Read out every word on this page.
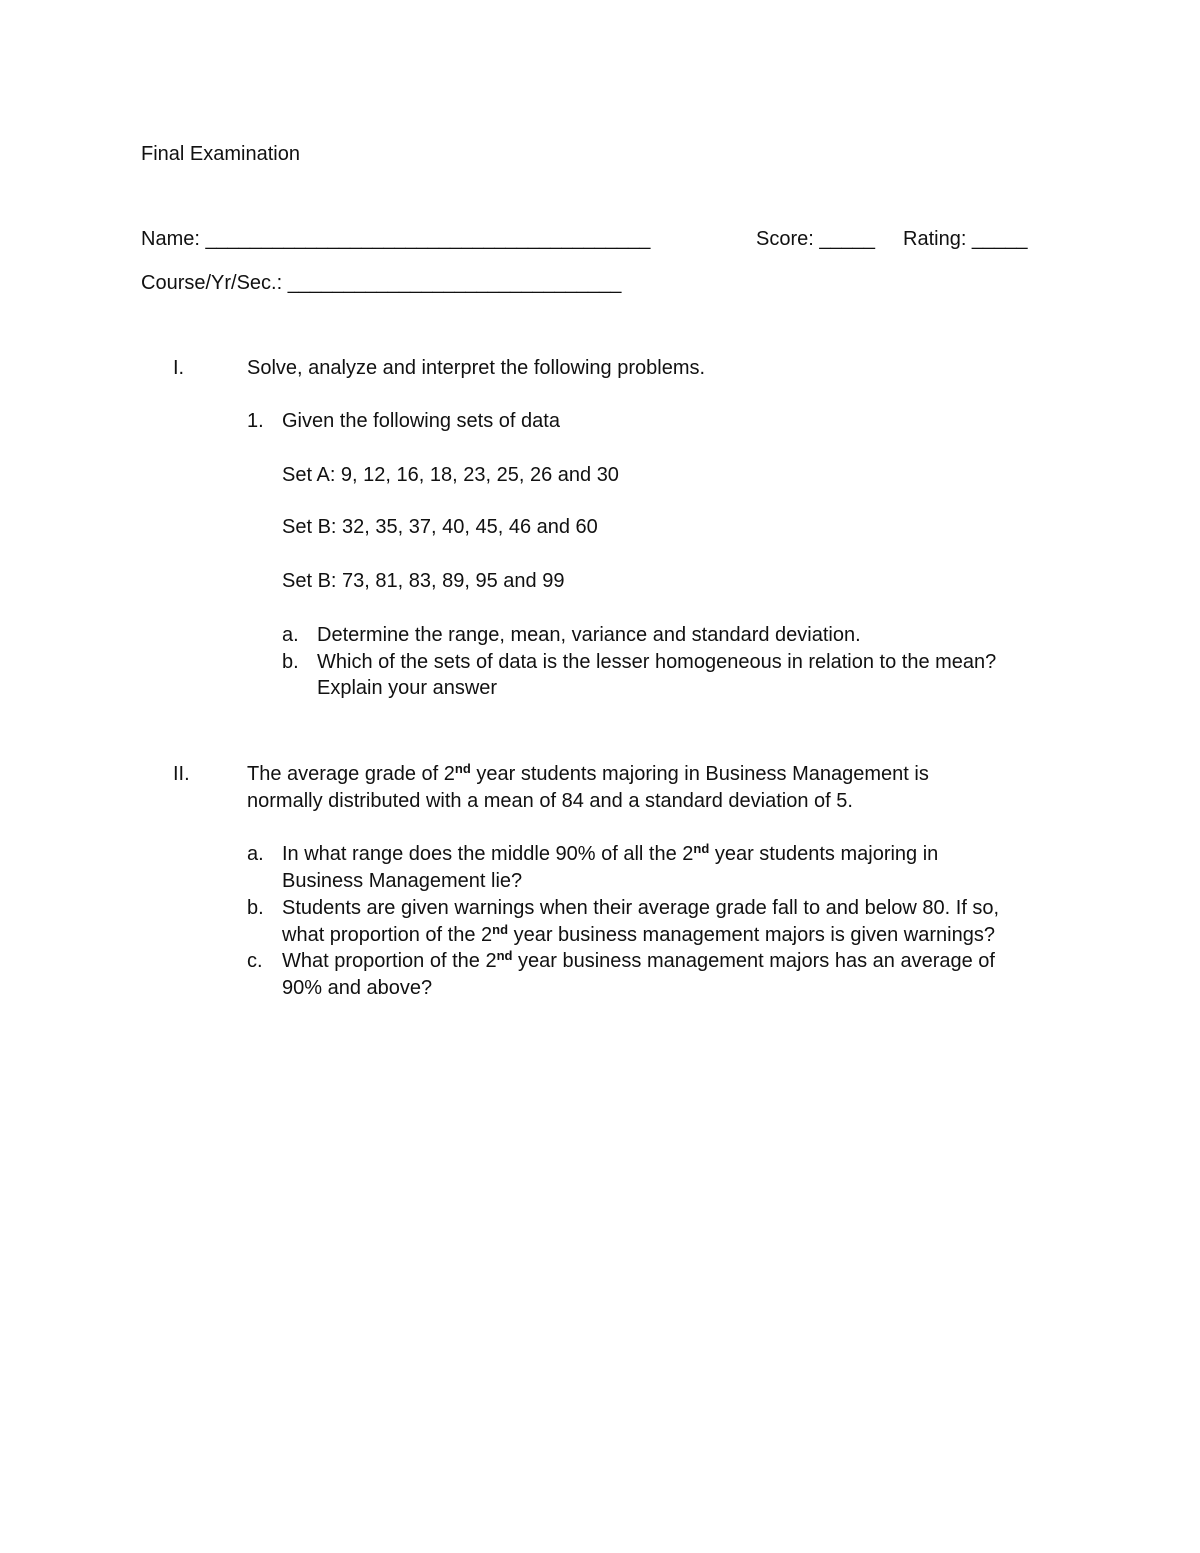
Final Examination
Name: ________________________________________	Score: _____ Rating: _____
Course/Yr/Sec.: ______________________________
I.	Solve, analyze and interpret the following problems.
1. Given the following sets of data
Set A: 9, 12, 16, 18, 23, 25, 26 and 30
Set B: 32, 35, 37, 40, 45, 46 and 60
Set B: 73, 81, 83, 89, 95 and 99
a. Determine the range, mean, variance and standard deviation.
b. Which of the sets of data is the lesser homogeneous in relation to the mean?
Explain your answer
II.	The average grade of 2nd year students majoring in Business Management is
normally distributed with a mean of 84 and a standard deviation of 5.
a. In what range does the middle 90% of all the 2nd year students majoring in
Business Management lie?
b. Students are given warnings when their average grade fall to and below 80. If so,
what proportion of the 2nd year business management majors is given warnings?
c. What proportion of the 2nd year business management majors has an average of
90% and above?
